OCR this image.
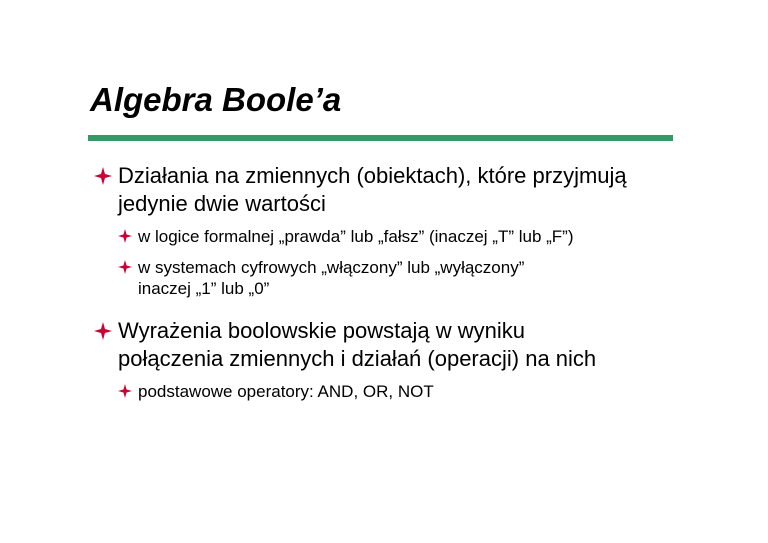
Algebra Boole’a
Działania na zmiennych (obiektach), które przyjmują
jedynie dwie wartości
w logice formalnej „prawda” lub „fałsz” (inaczej „T” lub „F”)
w systemach cyfrowych „włączony” lub „wyłączony”
inaczej „1” lub „0”
Wyrażenia boolowskie powstają w wyniku
połączenia zmiennych i działań (operacji) na nich
podstawowe operatory: AND, OR, NOT
